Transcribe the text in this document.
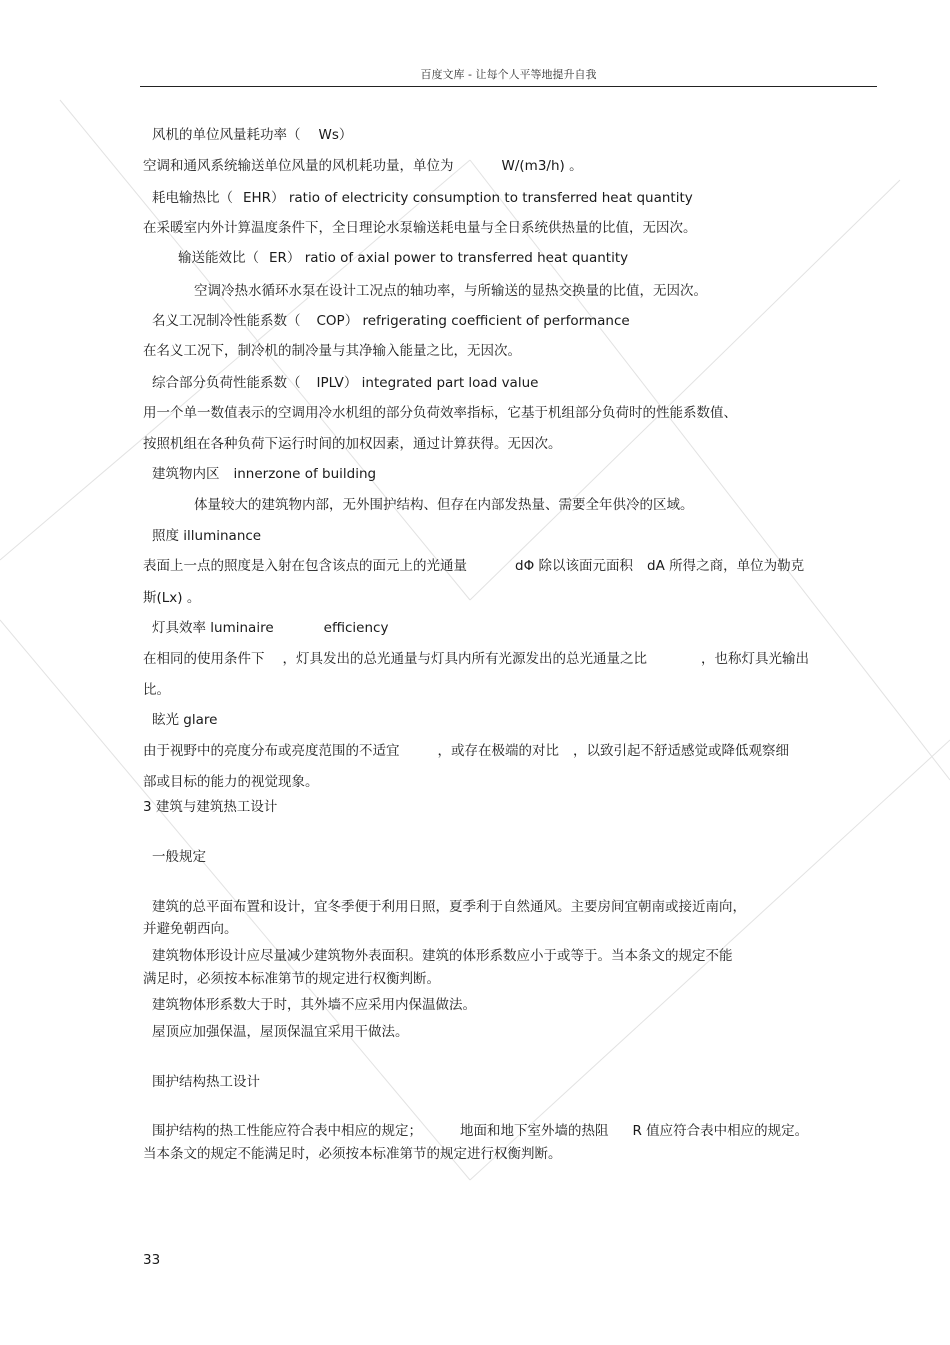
百度文库 - 让每个人平等地提升自我
风机的单位风量耗功率（ Ws）
空调和通风系统输送单位风量的风机耗功量，单位为	W/(m3/h) 。
耗电输热比（ EHR） ratio of electricity consumption to transferred heat quantity
在采暖室内外计算温度条件下，全日理论水泵输送耗电量与全日系统供热量的比值，无因次。
输送能效比（ ER） ratio of axial power to transferred heat quantity
空调冷热水循环水泵在设计工况点的轴功率，与所输送的显热交换量的比值，无因次。
名义工况制冷性能系数（ COP） refrigerating coefficient of performance
在名义工况下，制冷机的制冷量与其净输入能量之比，无因次。
综合部分负荷性能系数（ IPLV） integrated part load value
用一个单一数值表示的空调用冷水机组的部分负荷效率指标，它基于机组部分负荷时的性能系数值、
按照机组在各种负荷下运行时间的加权因素，通过计算获得。无因次。
建筑物内区 innerzone of building
体量较大的建筑物内部，无外围护结构、但存在内部发热量、需要全年供冷的区域。
照度 illuminance
表面上一点的照度是入射在包含该点的面元上的光通量	dΦ 除以该面元面积 dA 所得之商，单位为勒克
斯(Lx) 。
灯具效率 luminaire	efficiency
在相同的使用条件下 ，灯具发出的总光通量与灯具内所有光源发出的总光通量之比	，也称灯具光输出
比。
眩光 glare
由于视野中的亮度分布或亮度范围的不适宜	，或存在极端的对比 ，以致引起不舒适感觉或降低观察细
部或目标的能力的视觉现象。
3 建筑与建筑热工设计
一般规定
建筑的总平面布置和设计，宜冬季便于利用日照，夏季利于自然通风。主要房间宜朝南或接近南向，
并避免朝西向。
建筑物体形设计应尽量减少建筑物外表面积。建筑的体形系数应小于或等于。当本条文的规定不能
满足时，必须按本标准第节的规定进行权衡判断。
建筑物体形系数大于时，其外墙不应采用内保温做法。
屋顶应加强保温，屋顶保温宜采用干做法。
围护结构热工设计
围护结构的热工性能应符合表中相应的规定；	地面和地下室外墙的热阻 R 值应符合表中相应的规定。
当本条文的规定不能满足时，必须按本标准第节的规定进行权衡判断。
33
